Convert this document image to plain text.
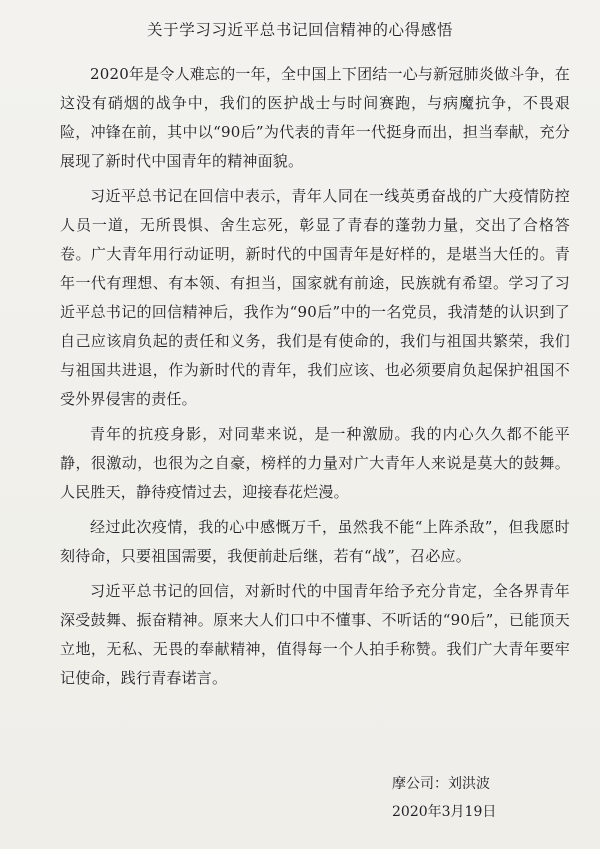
关于学习习近平总书记回信精神的心得感悟

2020年是令人难忘的一年，全中国上下团结一心与新冠肺炎做斗争，在这没有硝烟的战争中，我们的医护战士与时间赛跑，与病魔抗争，不畏艰险，冲锋在前，其中以“90后”为代表的青年一代挺身而出，担当奉献，充分展现了新时代中国青年的精神面貌。

习近平总书记在回信中表示，青年人同在一线英勇奋战的广大疫情防控人员一道，无所畏惧、舍生忘死，彰显了青春的蓬勃力量，交出了合格答卷。广大青年用行动证明，新时代的中国青年是好样的，是堪当大任的。青年一代有理想、有本领、有担当，国家就有前途，民族就有希望。学习了习近平总书记的回信精神后，我作为“90后”中的一名党员，我清楚的认识到了自己应该肩负起的责任和义务，我们是有使命的，我们与祖国共繁荣，我们与祖国共进退，作为新时代的青年，我们应该、也必须要肩负起保护祖国不受外界侵害的责任。

青年的抗疫身影，对同辈来说，是一种激励。我的内心久久都不能平静，很激动，也很为之自豪，榜样的力量对广大青年人来说是莫大的鼓舞。人民胜天，静待疫情过去，迎接春花烂漫。

经过此次疫情，我的心中感慨万千，虽然我不能“上阵杀敌”，但我愿时刻待命，只要祖国需要，我便前赴后继，若有“战”，召必应。

习近平总书记的回信，对新时代的中国青年给予充分肯定，全各界青年深受鼓舞、振奋精神。原来大人们口中不懂事、不听话的“90后”，已能顶天立地，无私、无畏的奉献精神，值得每一个人拍手称赞。我们广大青年要牢记使命，践行青春诺言。

摩公司：刘洪波
2020年3月19日
